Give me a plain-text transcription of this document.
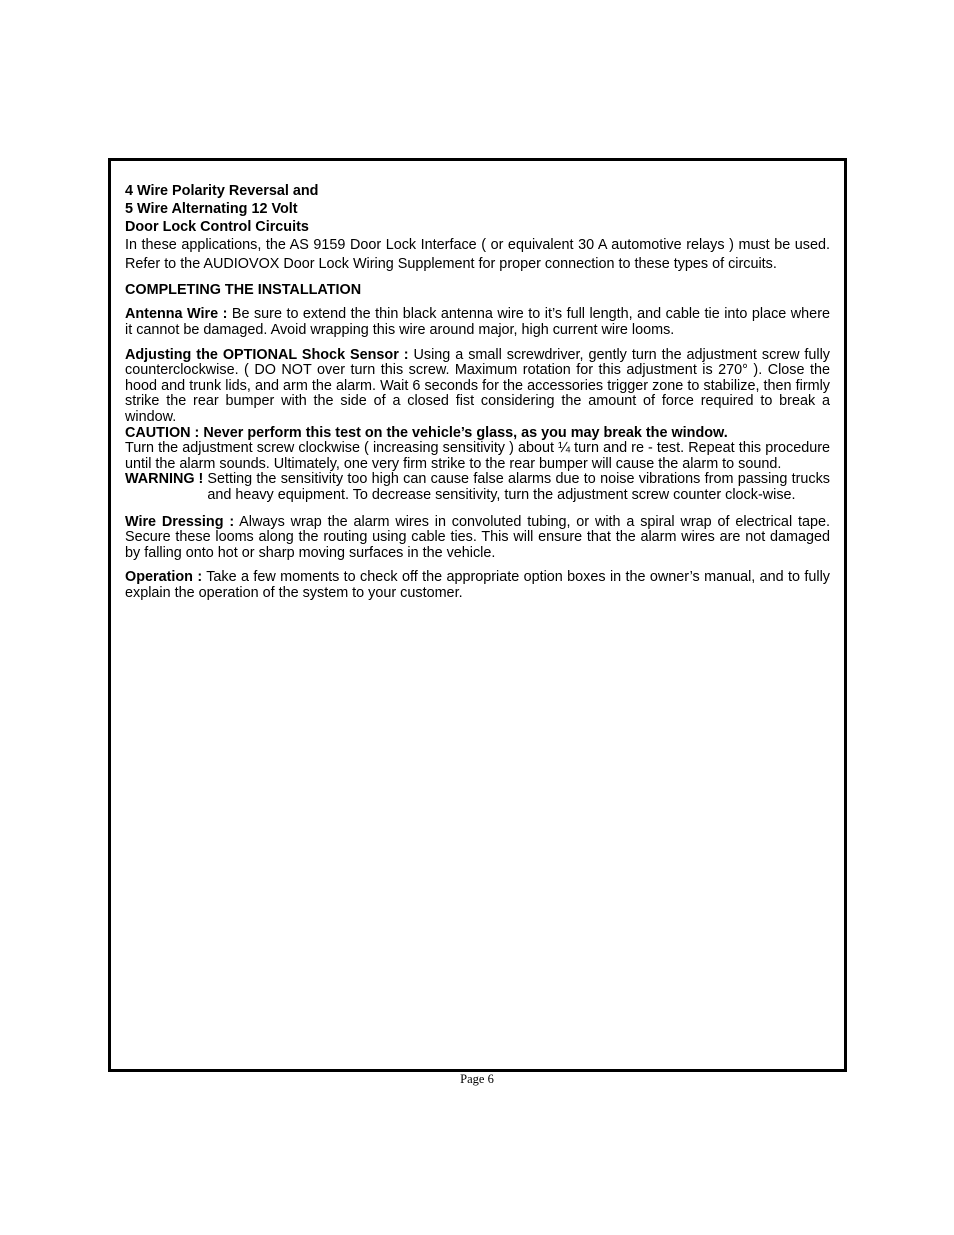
4 Wire Polarity Reversal and
5 Wire Alternating 12 Volt
Door Lock Control Circuits

In these applications, the AS 9159 Door Lock Interface ( or equivalent 30 A automotive relays ) must be used. Refer to the AUDIOVOX Door Lock Wiring Supplement for proper connection to these types of circuits.

COMPLETING THE INSTALLATION

Antenna Wire : Be sure to extend the thin black antenna wire to it’s full length, and cable tie into place where it cannot be damaged. Avoid wrapping this wire around major, high current wire looms.

Adjusting the OPTIONAL Shock Sensor : Using a small screwdriver, gently turn the adjustment screw fully counterclockwise. ( DO NOT over turn this screw. Maximum rotation for this adjustment is 270° ). Close the hood and trunk lids, and arm the alarm. Wait 6 seconds for the accessories trigger zone to stabilize, then firmly strike the rear bumper with the side of a closed fist considering the amount of force required to break a window.

CAUTION : Never perform this test on the vehicle’s glass, as you may break the window.

Turn the adjustment screw clockwise ( increasing sensitivity ) about ¼ turn and re - test. Repeat this procedure until the alarm sounds. Ultimately, one very firm strike to the rear bumper will cause the alarm to sound.

WARNING ! Setting the sensitivity too high can cause false alarms due to noise vibrations from passing trucks and heavy equipment. To decrease sensitivity, turn the adjustment screw counter clock-wise.

Wire Dressing : Always wrap the alarm wires in convoluted tubing, or with a spiral wrap of electrical tape. Secure these looms along the routing using cable ties. This will ensure that the alarm wires are not damaged by falling onto hot or sharp moving surfaces in the vehicle.

Operation : Take a few moments to check off the appropriate option boxes in the owner’s manual, and to fully explain the operation of the system to your customer.

Page 6
